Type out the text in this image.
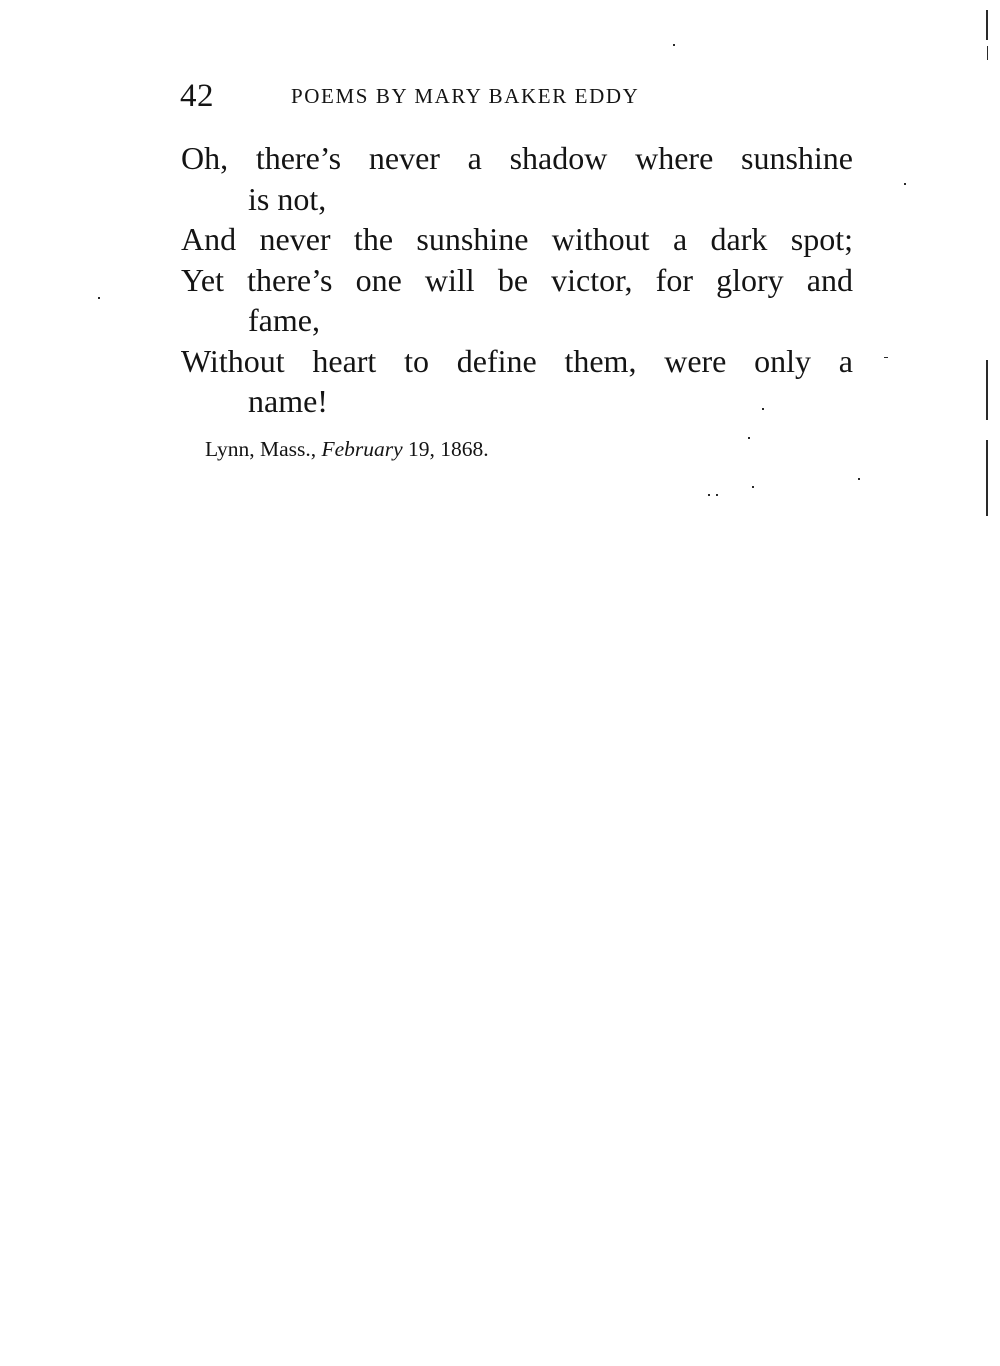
42	POEMS BY MARY BAKER EDDY
Oh, there’s never a shadow where sunshine
is not,
And never the sunshine without a dark spot;
Yet there’s one will be victor, for glory and
fame,
Without heart to define them, were only a
name!
Lynn, Mass., February 19, 1868.
